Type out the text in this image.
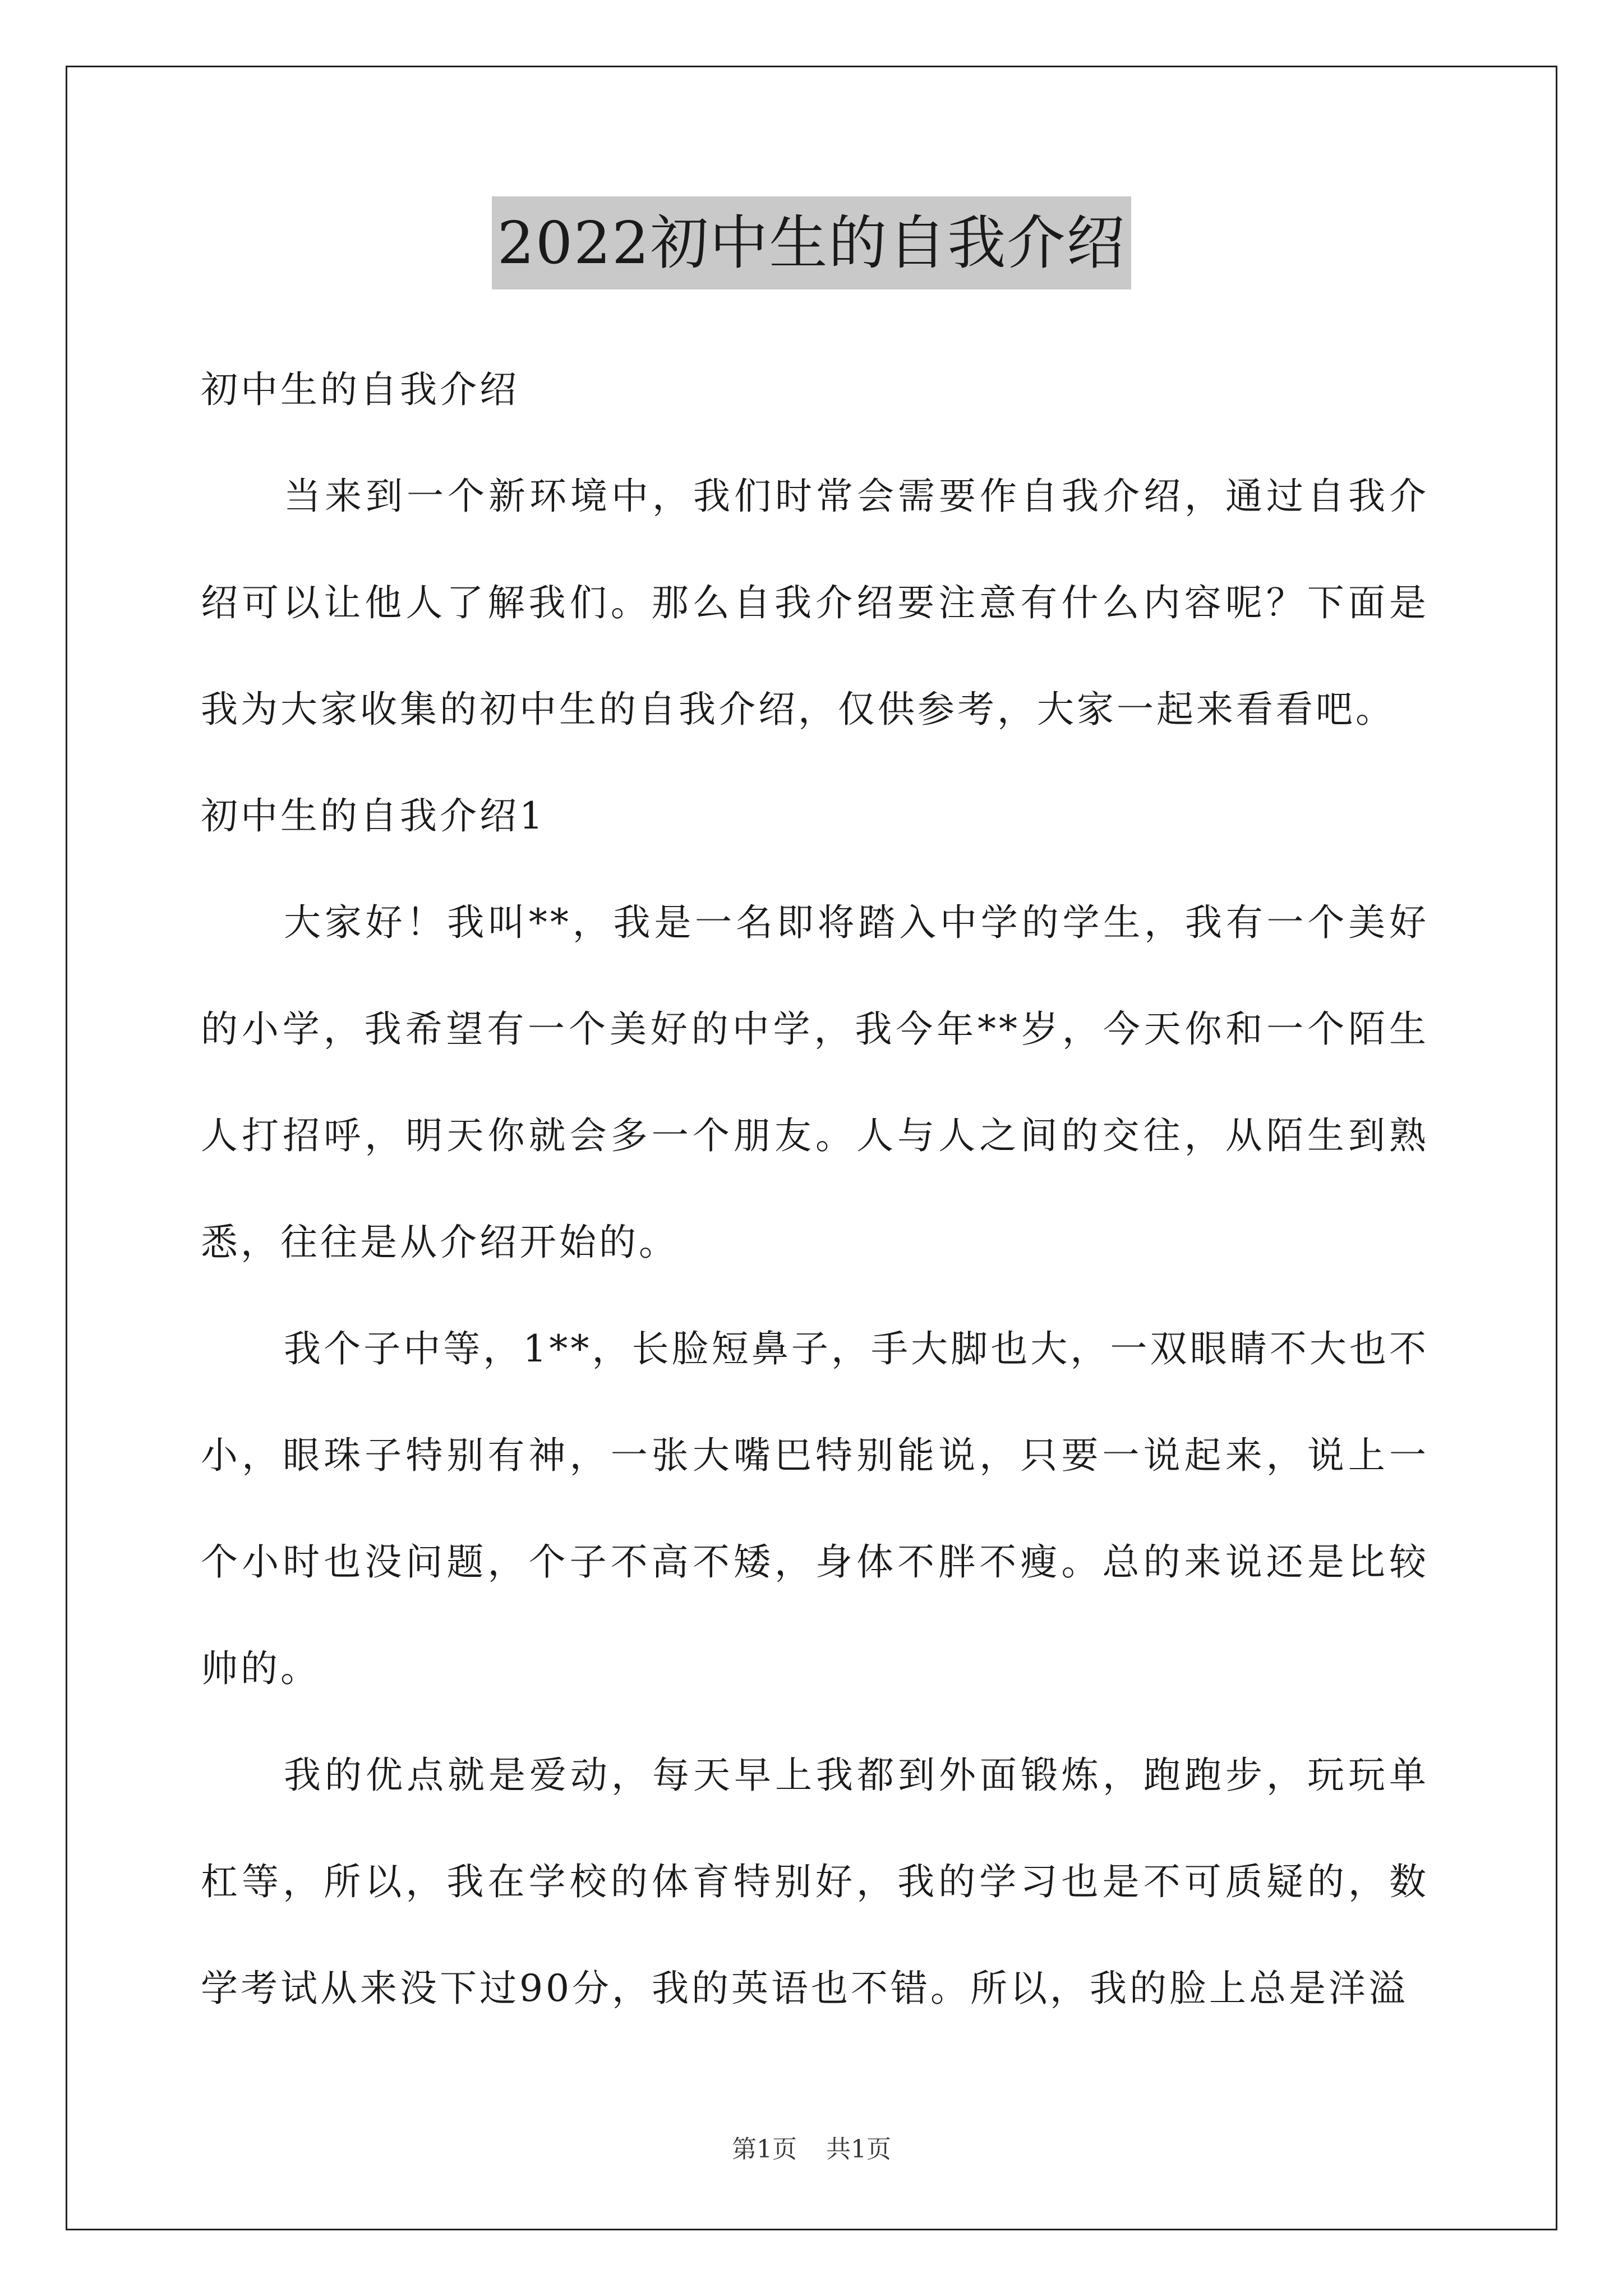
2022初中生的自我介绍

初中生的自我介绍

当来到一个新环境中，我们时常会需要作自我介绍，通过自我介绍可以让他人了解我们。那么自我介绍要注意有什么内容呢？下面是我为大家收集的初中生的自我介绍，仅供参考，大家一起来看看吧。

初中生的自我介绍1

大家好！我叫**，我是一名即将踏入中学的学生，我有一个美好的小学，我希望有一个美好的中学，我今年**岁，今天你和一个陌生人打招呼，明天你就会多一个朋友。人与人之间的交往，从陌生到熟悉，往往是从介绍开始的。

我个子中等，1**，长脸短鼻子，手大脚也大，一双眼睛不大也不小，眼珠子特别有神，一张大嘴巴特别能说，只要一说起来，说上一个小时也没问题，个子不高不矮，身体不胖不瘦。总的来说还是比较帅的。

我的优点就是爱动，每天早上我都到外面锻炼，跑跑步，玩玩单杠等，所以，我在学校的体育特别好，我的学习也是不可质疑的，数学考试从来没下过90分，我的英语也不错。所以，我的脸上总是洋溢

第1页 共1页
